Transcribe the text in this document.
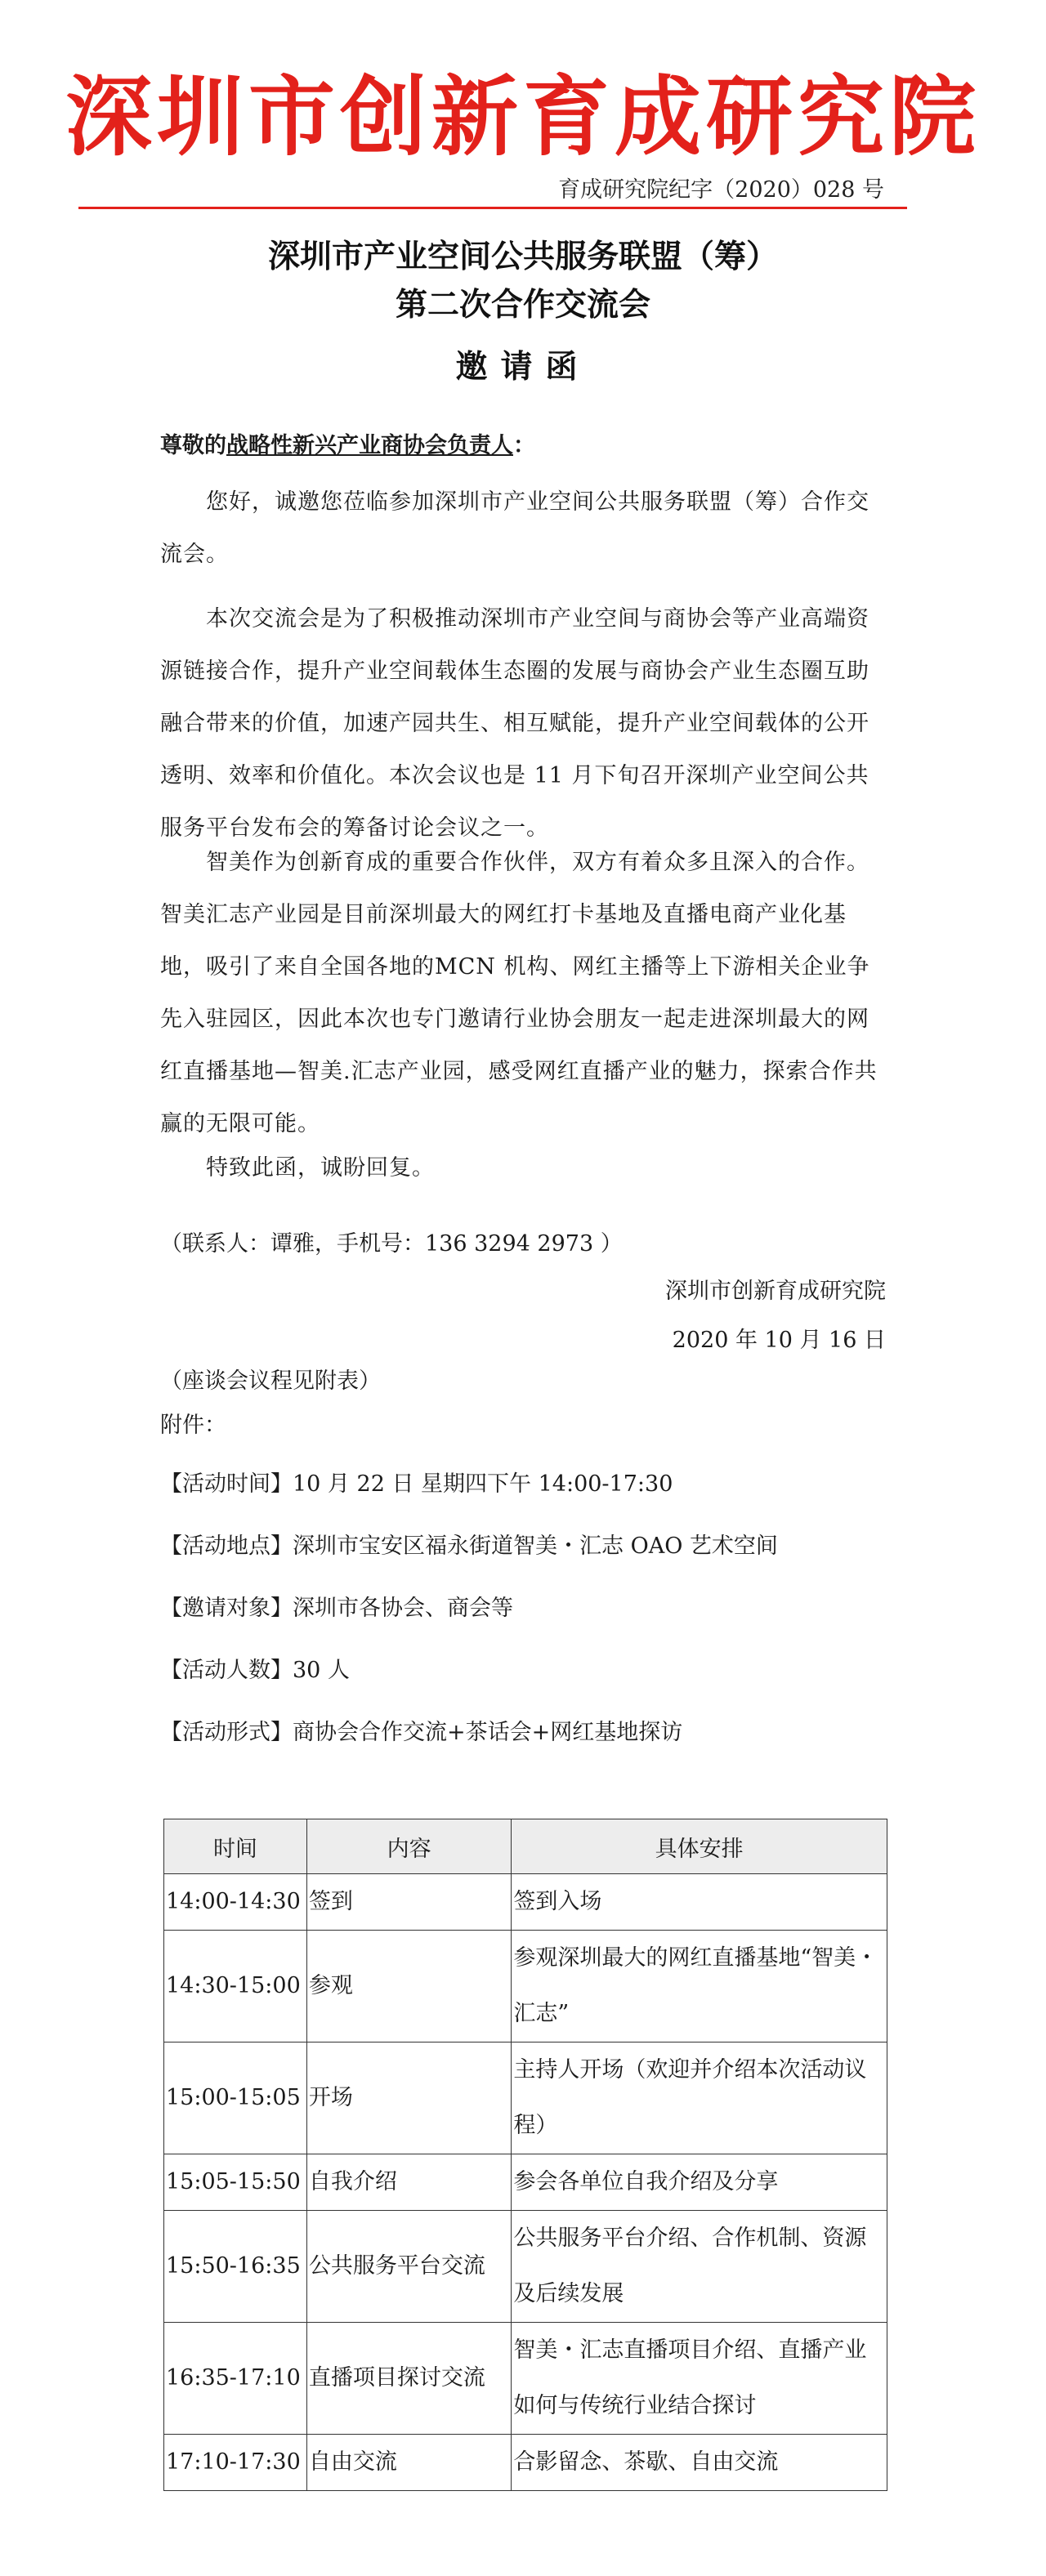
深圳市创新育成研究院
育成研究院纪字（2020）028 号
深圳市产业空间公共服务联盟（筹）
第二次合作交流会
邀请函
尊敬的战略性新兴产业商协会负责人：
您好，诚邀您莅临参加深圳市产业空间公共服务联盟（筹）合作交流会。
本次交流会是为了积极推动深圳市产业空间与商协会等产业高端资源链接合作，提升产业空间载体生态圈的发展与商协会产业生态圈互助融合带来的价值，加速产园共生、相互赋能，提升产业空间载体的公开透明、效率和价值化。本次会议也是 11 月下旬召开深圳产业空间公共服务平台发布会的筹备讨论会议之一。
智美作为创新育成的重要合作伙伴，双方有着众多且深入的合作。智美汇志产业园是目前深圳最大的网红打卡基地及直播电商产业化基地，吸引了来自全国各地的MCN 机构、网红主播等上下游相关企业争先入驻园区，因此本次也专门邀请行业协会朋友一起走进深圳最大的网红直播基地—智美.汇志产业园，感受网红直播产业的魅力，探索合作共赢的无限可能。
特致此函，诚盼回复。
（联系人：谭雅，手机号：136 3294 2973 ）
深圳市创新育成研究院
2020 年 10 月 16 日
（座谈会议程见附表）
附件：
【 活动时间 】 10 月 22 日 星期四下午 14:00-17:30
【 活动地点 】 深圳市宝安区福永街道智美・汇志 OAO 艺术空间
【 邀请对象 】 深圳市各协会、商会等
【 活动人数 】 30 人
【 活动形式 】 商协会合作交流+茶话会+网红基地探访
时间	内容	具体安排
14:00-14:30	签到	签到入场
14:30-15:00	参观	参观深圳最大的网红直播基地“智美・汇志”
15:00-15:05	开场	主持人开场（欢迎并介绍本次活动议程）
15:05-15:50	自我介绍	参会各单位自我介绍及分享
15:50-16:35	公共服务平台交流	公共服务平台介绍、合作机制、资源及后续发展
16:35-17:10	直播项目探讨交流	智美・汇志直播项目介绍、直播产业如何与传统行业结合探讨
17:10-17:30	自由交流	合影留念、茶歇、自由交流
